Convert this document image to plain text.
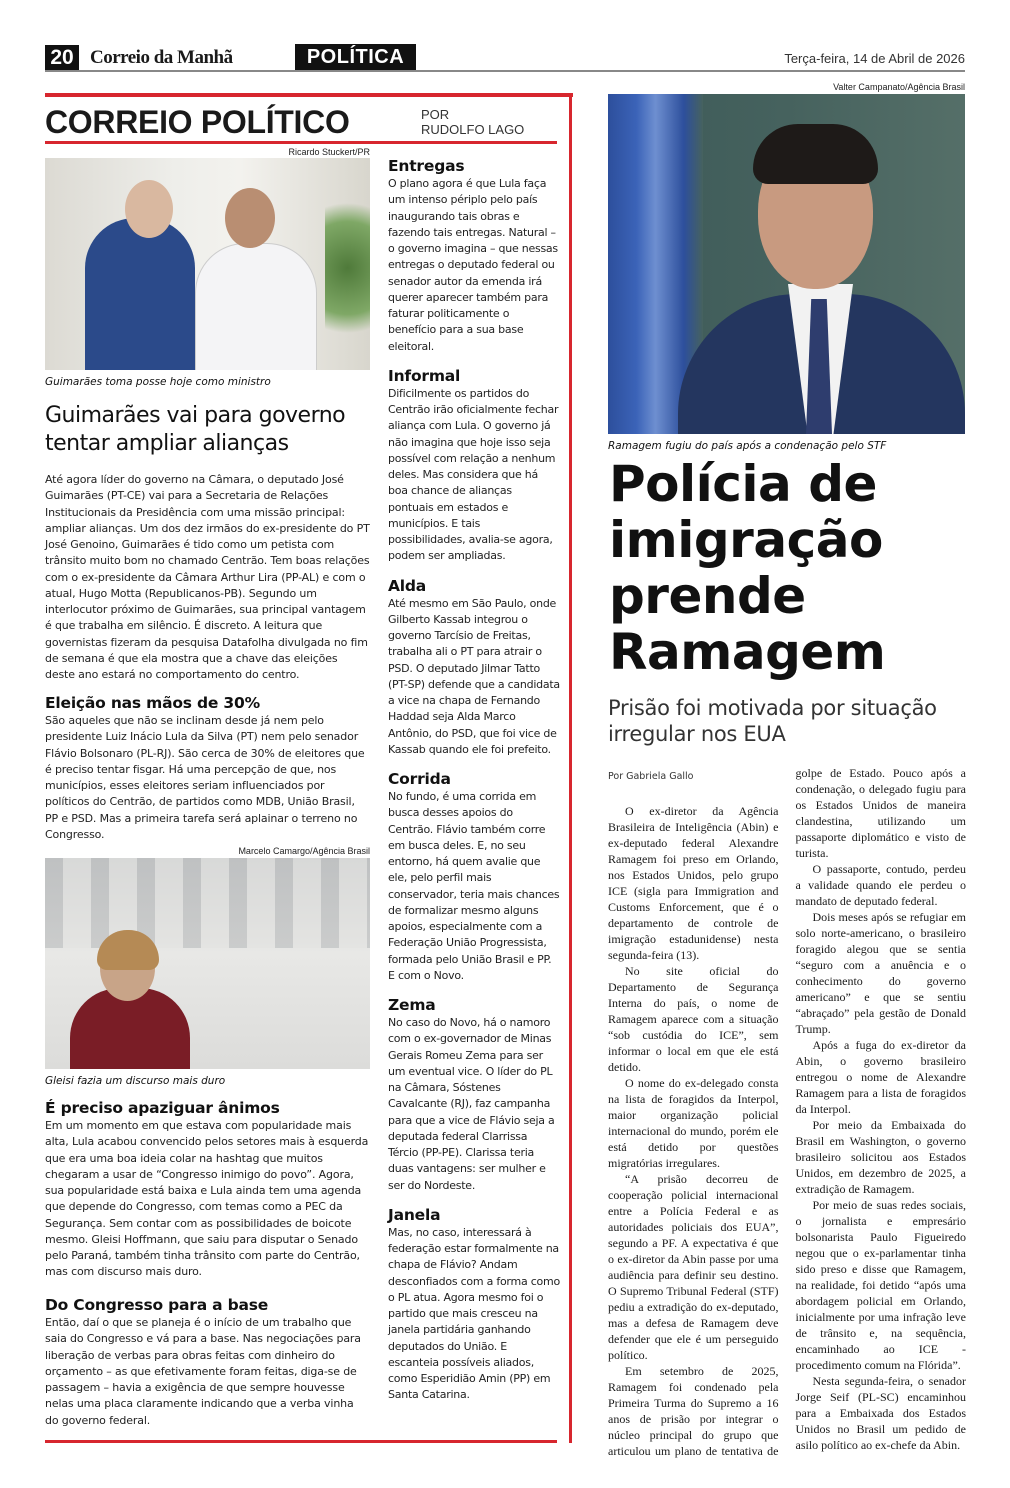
20 Correio da Manhã	POLÍTICA	Terça-feira, 14 de Abril de 2026
CORREIO POLÍTICO	POR
RUDOLFO LAGO
Ricardo Stuckert/PR
Guimarães toma posse hoje como ministro
Guimarães vai para governo tentar ampliar alianças

Até agora líder do governo na Câmara, o deputado José Guimarães (PT-CE) vai para a Secretaria de Relações Institucionais da Presidência com uma missão principal: ampliar alianças. Um dos dez irmãos do ex-presidente do PT José Genoino, Guimarães é tido como um petista com trânsito muito bom no chamado Centrão. Tem boas relações com o ex-presidente da Câmara Arthur Lira (PP-AL) e com o atual, Hugo Motta (Republicanos-PB). Segundo um interlocutor próximo de Guimarães, sua principal vantagem é que trabalha em silêncio. É discreto. A leitura que governistas fizeram da pesquisa Datafolha divulgada no fim de semana é que ela mostra que a chave das eleições deste ano estará no comportamento do centro.

Eleição nas mãos de 30%

São aqueles que não se inclinam desde já nem pelo presidente Luiz Inácio Lula da Silva (PT) nem pelo senador Flávio Bolsonaro (PL-RJ). São cerca de 30% de eleitores que é preciso tentar fisgar. Há uma percepção de que, nos municípios, esses eleitores seriam influenciados por políticos do Centrão, de partidos como MDB, União Brasil, PP e PSD. Mas a primeira tarefa será aplainar o terreno no Congresso.

Marcelo Camargo/Agência Brasil
Gleisi fazia um discurso mais duro
É preciso apaziguar ânimos

Em um momento em que estava com popularidade mais alta, Lula acabou convencido pelos setores mais à esquerda que era uma boa ideia colar na hashtag que muitos chegaram a usar de “Congresso inimigo do povo”. Agora, sua popularidade está baixa e Lula ainda tem uma agenda que depende do Congresso, com temas como a PEC da Segurança. Sem contar com as possibilidades de boicote mesmo. Gleisi Hoffmann, que saiu para disputar o Senado pelo Paraná, também tinha trânsito com parte do Centrão, mas com discurso mais duro.

Do Congresso para a base

Então, daí o que se planeja é o início de um trabalho que saia do Congresso e vá para a base. Nas negociações para liberação de verbas para obras feitas com dinheiro do orçamento – as que efetivamente foram feitas, diga-se de passagem – havia a exigência de que sempre houvesse nelas uma placa claramente indicando que a verba vinha do governo federal.

Entregas

O plano agora é que Lula faça um intenso périplo pelo país inaugurando tais obras e fazendo tais entregas. Natural – o governo imagina – que nessas entregas o deputado federal ou senador autor da emenda irá querer aparecer também para faturar politicamente o benefício para a sua base eleitoral.

Informal

Dificilmente os partidos do Centrão irão oficialmente fechar aliança com Lula. O governo já não imagina que hoje isso seja possível com relação a nenhum deles. Mas considera que há boa chance de alianças pontuais em estados e municípios. E tais possibilidades, avalia-se agora, podem ser ampliadas.

Alda

Até mesmo em São Paulo, onde Gilberto Kassab integrou o governo Tarcísio de Freitas, trabalha ali o PT para atrair o PSD. O deputado Jilmar Tatto (PT-SP) defende que a candidata a vice na chapa de Fernando Haddad seja Alda Marco Antônio, do PSD, que foi vice de Kassab quando ele foi prefeito.

Corrida

No fundo, é uma corrida em busca desses apoios do Centrão. Flávio também corre em busca deles. E, no seu entorno, há quem avalie que ele, pelo perfil mais conservador, teria mais chances de formalizar mesmo alguns apoios, especialmente com a Federação União Progressista, formada pelo União Brasil e PP. E com o Novo.

Zema

No caso do Novo, há o namoro com o ex-governador de Minas Gerais Romeu Zema para ser um eventual vice. O líder do PL na Câmara, Sóstenes Cavalcante (RJ), faz campanha para que a vice de Flávio seja a deputada federal Clarrissa Tércio (PP-PE). Clarissa teria duas vantagens: ser mulher e ser do Nordeste.

Janela

Mas, no caso, interessará à federação estar formalmente na chapa de Flávio? Andam desconfiados com a forma como o PL atua. Agora mesmo foi o partido que mais cresceu na janela partidária ganhando deputados do União. E escanteia possíveis aliados, como Esperidião Amin (PP) em Santa Catarina.

Valter Campanato/Agência Brasil
Ramagem fugiu do país após a condenação pelo STF
Polícia de imigração prende Ramagem
Prisão foi motivada por situação irregular nos EUA
Por Gabriela Gallo

O ex-diretor da Agência Brasileira de Inteligência (Abin) e ex-deputado federal Alexandre Ramagem foi preso em Orlando, nos Estados Unidos, pelo grupo ICE (sigla para Immigration and Customs Enforcement, que é o departamento de controle de imigração estadunidense) nesta segunda-feira (13).

No site oficial do Departamento de Segurança Interna do país, o nome de Ramagem aparece com a situação “sob custódia do ICE”, sem informar o local em que ele está detido.

O nome do ex-delegado consta na lista de foragidos da Interpol, maior organização policial internacional do mundo, porém ele está detido por questões migratórias irregulares.

“A prisão decorreu de cooperação policial internacional entre a Polícia Federal e as autoridades policiais dos EUA”, segundo a PF. A expectativa é que o ex-diretor da Abin passe por uma audiência para definir seu destino. O Supremo Tribunal Federal (STF) pediu a extradição do ex-deputado, mas a defesa de Ramagem deve defender que ele é um perseguido político.

Em setembro de 2025, Ramagem foi condenado pela Primeira Turma do Supremo a 16 anos de prisão por integrar o núcleo principal do grupo que articulou um plano de tentativa de golpe de Estado. Pouco após a condenação, o delegado fugiu para os Estados Unidos de maneira clandestina, utilizando um passaporte diplomático e visto de turista.

O passaporte, contudo, perdeu a validade quando ele perdeu o mandato de deputado federal.

Dois meses após se refugiar em solo norte-americano, o brasileiro foragido alegou que se sentia “seguro com a anuência e o conhecimento do governo americano” e que se sentiu “abraçado” pela gestão de Donald Trump.

Após a fuga do ex-diretor da Abin, o governo brasileiro entregou o nome de Alexandre Ramagem para a lista de foragidos da Interpol.

Por meio da Embaixada do Brasil em Washington, o governo brasileiro solicitou aos Estados Unidos, em dezembro de 2025, a extradição de Ramagem.

Por meio de suas redes sociais, o jornalista e empresário bolsonarista Paulo Figueiredo negou que o ex-parlamentar tinha sido preso e disse que Ramagem, na realidade, foi detido “após uma abordagem policial em Orlando, inicialmente por uma infração leve de trânsito e, na sequência, encaminhado ao ICE - procedimento comum na Flórida”.

Nesta segunda-feira, o senador Jorge Seif (PL-SC) encaminhou para a Embaixada dos Estados Unidos no Brasil um pedido de asilo político ao ex-chefe da Abin.
